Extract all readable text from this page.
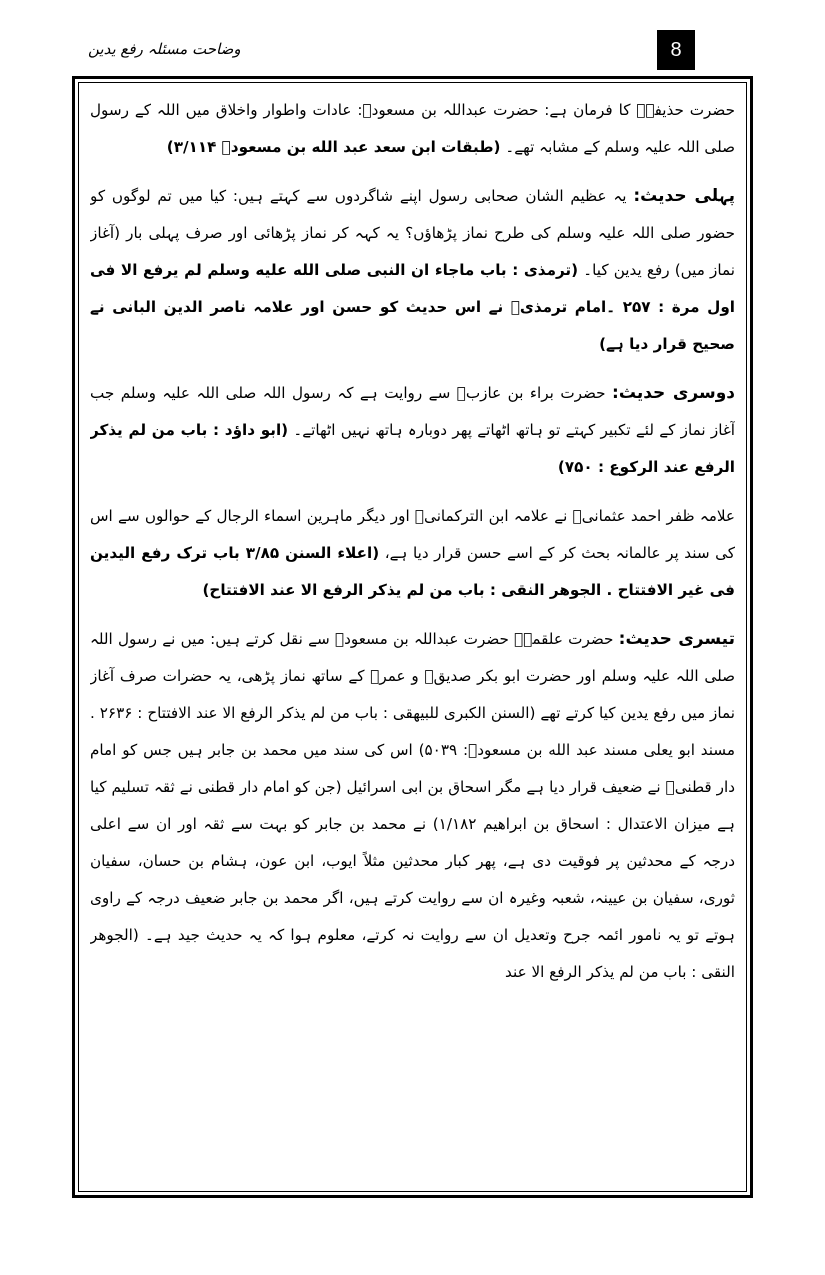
وضاحت مسئلہ رفع یدین	8

حضرت حذیفہؓ کا فرمان ہے: حضرت عبداللہ بن مسعودؓ: عادات واطوار واخلاق میں اللہ کے رسول صلی اللہ علیہ وسلم کے مشابہ تھے۔ (طبقات ابن سعد عبد الله بن مسعودؓ ۳/۱۱۴)

پہلی حدیث: یہ عظیم الشان صحابی رسول اپنے شاگردوں سے کہتے ہیں: کیا میں تم لوگوں کو حضور صلی اللہ علیہ وسلم کی طرح نماز پڑھاؤں؟ یہ کہہ کر نماز پڑھائی اور صرف پہلی بار (آغاز نماز میں) رفع یدین کیا۔ (ترمذی : باب ماجاء ان النبی صلی الله علیه وسلم لم یرفع الا فی اول مرة : ۲۵۷ ۔امام ترمذیؒ نے اس حدیث کو حسن اور علامہ ناصر الدین البانی نے صحیح قرار دیا ہے)

دوسری حدیث: حضرت براء بن عازبؓ سے روایت ہے کہ رسول اللہ صلی اللہ علیہ وسلم جب آغاز نماز کے لئے تکبیر کہتے تو ہاتھ اٹھاتے پھر دوبارہ ہاتھ نہیں اٹھاتے۔ (ابو داؤد : باب من لم یذکر الرفع عند الرکوع : ۷۵۰)

علامہ ظفر احمد عثمانیؒ نے علامہ ابن الترکمانیؒ اور دیگر ماہرین اسماء الرجال کے حوالوں سے اس کی سند پر عالمانہ بحث کر کے اسے حسن قرار دیا ہے، (اعلاء السنن ۳/۸۵ باب ترک رفع الیدین فی غیر الافتتاح . الجوهر النقی : باب من لم یذکر الرفع الا عند الافتتاح)

تیسری حدیث: حضرت علقمہؒ حضرت عبداللہ بن مسعودؓ سے نقل کرتے ہیں: میں نے رسول اللہ صلی اللہ علیہ وسلم اور حضرت ابو بکر صدیقؓ و عمرؓ کے ساتھ نماز پڑھی، یہ حضرات صرف آغاز نماز میں رفع یدین کیا کرتے تھے (السنن الکبری للبیهقی : باب من لم یذکر الرفع الا عند الافتتاح : ۲۶۳۶ . مسند ابو یعلی مسند عبد الله بن مسعودؓ: ۵۰۳۹) اس کی سند میں محمد بن جابر ہیں جس کو امام دار قطنیؒ نے ضعیف قرار دیا ہے مگر اسحاق بن ابی اسرائیل (جن کو امام دار قطنی نے ثقہ تسلیم کیا ہے میزان الاعتدال : اسحاق بن ابراهیم ۱/۱۸۲) نے محمد بن جابر کو بہت سے ثقہ اور ان سے اعلی درجہ کے محدثین پر فوقیت دی ہے، پھر کبار محدثین مثلاً ایوب، ابن عون، ہشام بن حسان، سفیان ثوری، سفیان بن عیینہ، شعبہ وغیرہ ان سے روایت کرتے ہیں، اگر محمد بن جابر ضعیف درجہ کے راوی ہوتے تو یہ نامور ائمہ جرح وتعدیل ان سے روایت نہ کرتے، معلوم ہوا کہ یہ حدیث جید ہے۔ (الجوهر النقی : باب من لم یذکر الرفع الا عند
